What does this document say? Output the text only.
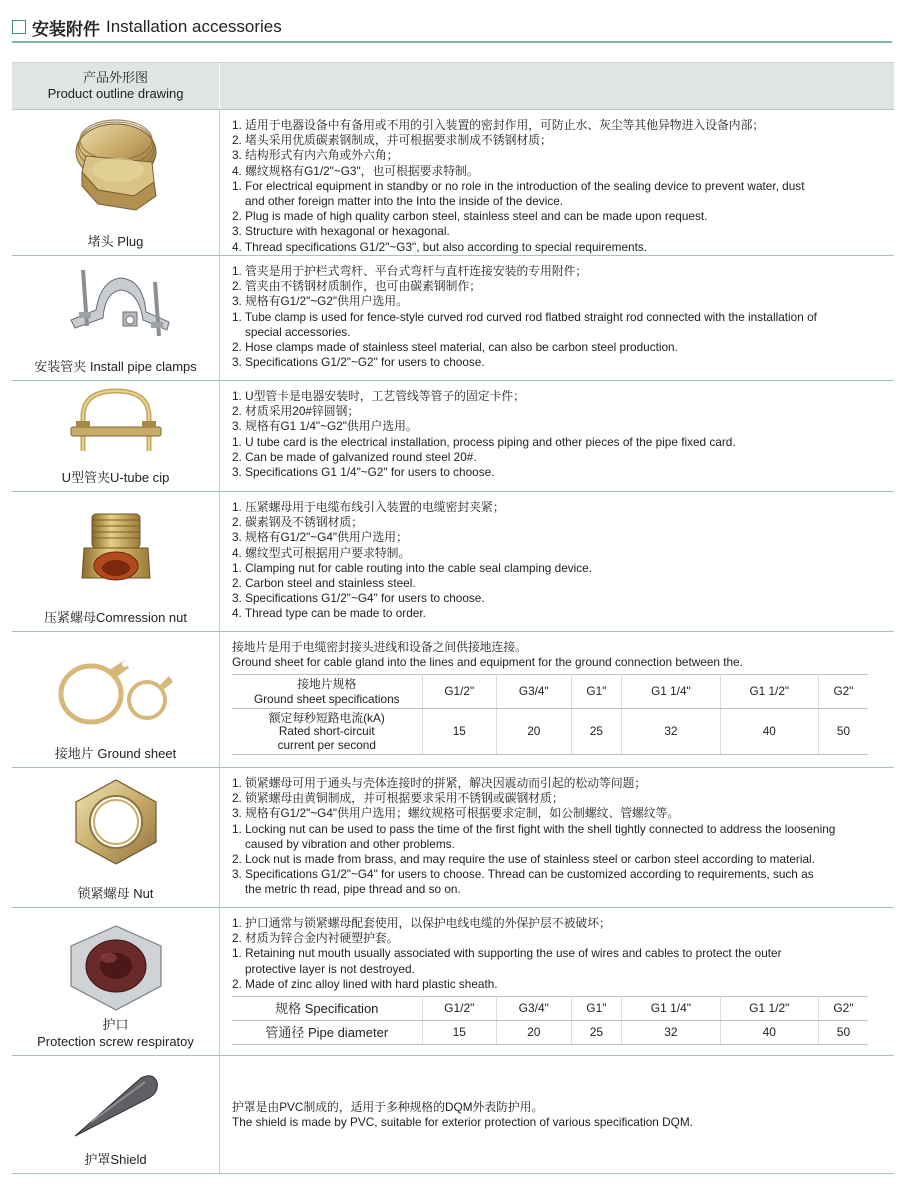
安装附件 Installation accessories
产品外形图
Product outline drawing
堵头 Plug
1. 适用于电器设备中有备用或不用的引入装置的密封作用，可防止水、灰尘等其他异物进入设备内部；
2. 堵头采用优质碳素钢制成，并可根据要求制成不锈钢材质；
3. 结构形式有内六角或外六角；
4. 螺纹规格有G1/2"~G3"，也可根据要求特制。
1. For electrical equipment in standby or no role in the introduction of the sealing device to prevent water, dust
and other foreign matter into the Into the inside of the device.
2. Plug is made of high quality carbon steel, stainless steel and can be made upon request.
3. Structure with hexagonal or hexagonal.
4. Thread specifications G1/2"~G3", but also according to special requirements.
安装管夹 Install pipe clamps
1. 管夹是用于护栏式弯杆、平台式弯杆与直杆连接安装的专用附件；
2. 管夹由不锈钢材质制作，也可由碳素钢制作；
3. 规格有G1/2"~G2"供用户选用。
1. Tube clamp is used for fence-style curved rod curved rod flatbed straight rod connected with the installation of
special accessories.
2. Hose clamps made of stainless steel material, can also be carbon steel production.
3. Specifications G1/2"~G2" for users to choose.
U型管夹U-tube cip
1. U型管卡是电器安装时，工艺管线等管子的固定卡件；
2. 材质采用20#锌圆钢；
3. 规格有G1 1/4"~G2"供用户选用。
1. U tube card is the electrical installation, process piping and other pieces of the pipe fixed card.
2. Can be made of galvanized round steel 20#.
3. Specifications G1 1/4"~G2" for users to choose.
压紧螺母Comression nut
1. 压紧螺母用于电缆布线引入装置的电缆密封夹紧；
2. 碳素钢及不锈钢材质；
3. 规格有G1/2"~G4"供用户选用；
4. 螺纹型式可根据用户要求特制。
1. Clamping nut for cable routing into the cable seal clamping device.
2. Carbon steel and stainless steel.
3. Specifications G1/2"~G4" for users to choose.
4. Thread type can be made to order.
接地片 Ground sheet
接地片是用于电缆密封接头进线和设备之间供接地连接。
Ground sheet for cable gland into the lines and equipment for the ground connection between the.
接地片规格
Ground sheet specifications	G1/2"	G3/4"	G1"	G1 1/4"	G1 1/2"	G2"

额定每秒短路电流(kA)
Rated short-circuit
current per second	15	20	25	32	40	50
锁紧螺母 Nut
1. 锁紧螺母可用于通头与壳体连接时的拼紧，解决因震动而引起的松动等问题；
2. 锁紧螺母由黄铜制成，并可根据要求采用不锈钢或碳钢材质；
3. 规格有G1/2"~G4"供用户选用；螺纹规格可根据要求定制，如公制螺纹、管螺纹等。
1. Locking nut can be used to pass the time of the first fight with the shell tightly connected to address the loosening
caused by vibration and other problems.
2. Lock nut is made from brass, and may require the use of stainless steel or carbon steel according to material.
3. Specifications G1/2"~G4" for users to choose. Thread can be customized according to requirements, such as
the metric th read, pipe thread and so on.
护口
Protection screw respiratoy
1. 护口通常与锁紧螺母配套使用，以保护电线电缆的外保护层不被破坏；
2. 材质为锌合金内衬硬塑护套。
1. Retaining nut mouth usually associated with supporting the use of wires and cables to protect the outer
protective layer is not destroyed.
2. Made of zinc alloy lined with hard plastic sheath.
规格 Specification	G1/2"	G3/4"	G1"	G1 1/4"	G1 1/2"	G2"
管通径 Pipe diameter	15	20	25	32	40	50
护罩Shield
护罩是由PVC制成的，适用于多种规格的DQM外表防护用。
The shield is made by PVC, suitable for exterior protection of various specification DQM.
